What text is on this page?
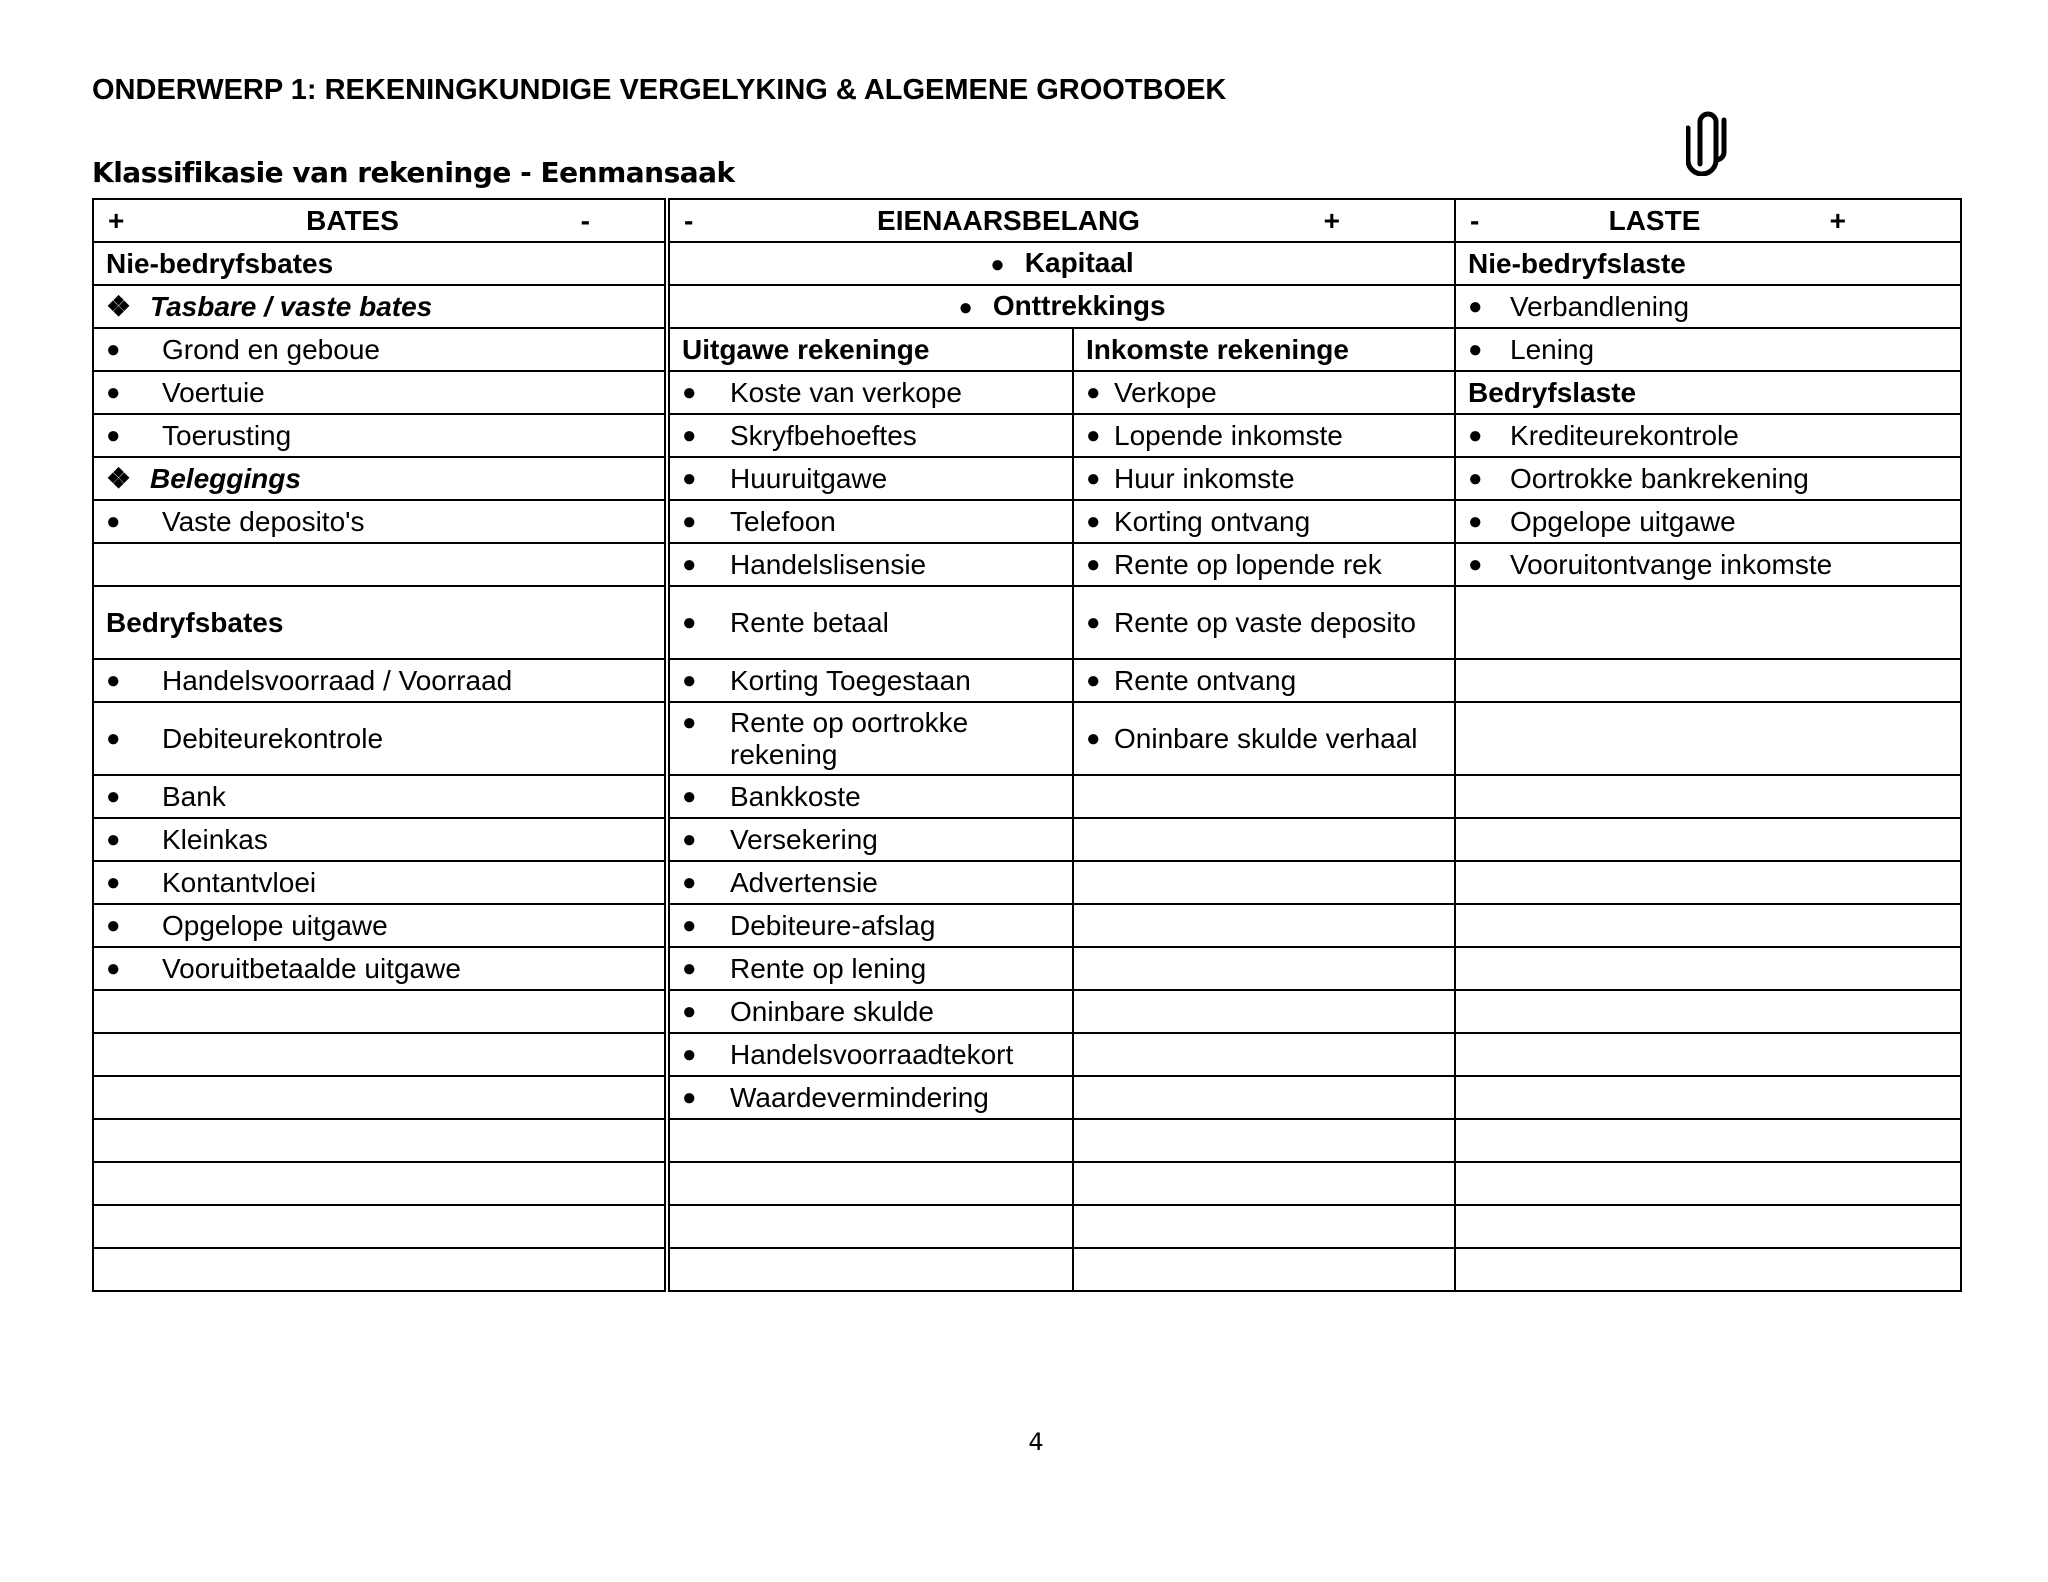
ONDERWERP 1: REKENINGKUNDIGE VERGELYKING & ALGEMENE GROOTBOEK
Klassifikasie van rekeninge - Eenmansaak
+ BATES -	- EIENAARSBELANG +		- LASTE +

Nie-bedryfsbates	● Kapitaal		Nie-bedryfslaste

❖ Tasbare / vaste bates	● Onttrekkings		● Verbandlening

● Grond en geboue	Uitgawe rekeninge	Inkomste rekeninge	● Lening

● Voertuie	● Koste van verkope	● Verkope	Bedryfslaste

● Toerusting	● Skryfbehoeftes	● Lopende inkomste	● Krediteurekontrole

❖ Beleggings	● Huuruitgawe	● Huur inkomste	● Oortrokke bankrekening

● Vaste deposito's	● Telefoon	● Korting ontvang	● Opgelope uitgawe

	● Handelslisensie	● Rente op lopende rek	● Vooruitontvange inkomste

Bedryfsbates	● Rente betaal	● Rente op vaste deposito	

● Handelsvoorraad / Voorraad	● Korting Toegestaan	● Rente ontvang	

● Debiteurekontrole	● Rente op oortrokke rekening	● Oninbare skulde verhaal	

● Bank	● Bankkoste		

● Kleinkas	● Versekering		

● Kontantvloei	● Advertensie		

● Opgelope uitgawe	● Debiteure-afslag		

● Vooruitbetaalde uitgawe	● Rente op lening		

	● Oninbare skulde		

	● Handelsvoorraadtekort		

	● Waardevermindering		

4
